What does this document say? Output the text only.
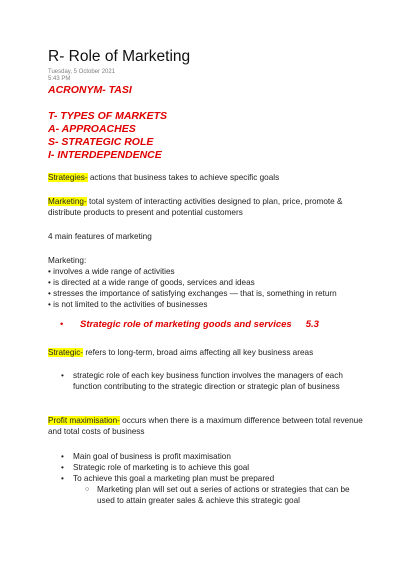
R- Role of Marketing
Tuesday, 5 October 2021
5:43 PM
ACRONYM- TASI
T- TYPES OF MARKETS
A- APPROACHES
S- STRATEGIC ROLE
I- INTERDEPENDENCE
Strategies- actions that business takes to achieve specific goals
Marketing- total system of interacting activities designed to plan, price, promote & distribute products to present and potential customers
4 main features of marketing
Marketing:
• involves a wide range of activities
• is directed at a wide range of goods, services and ideas
• stresses the importance of satisfying exchanges — that is, something in return
• is not limited to the activities of businesses
• Strategic role of marketing goods and services 5.3
Strategic- refers to long-term, broad aims affecting all key business areas
• strategic role of each key business function involves the managers of each function contributing to the strategic direction or strategic plan of business
Profit maximisation- occurs when there is a maximum difference between total revenue and total costs of business
• Main goal of business is profit maximisation
• Strategic role of marketing is to achieve this goal
• To achieve this goal a marketing plan must be prepared
○ Marketing plan will set out a series of actions or strategies that can be used to attain greater sales & achieve this strategic goal
